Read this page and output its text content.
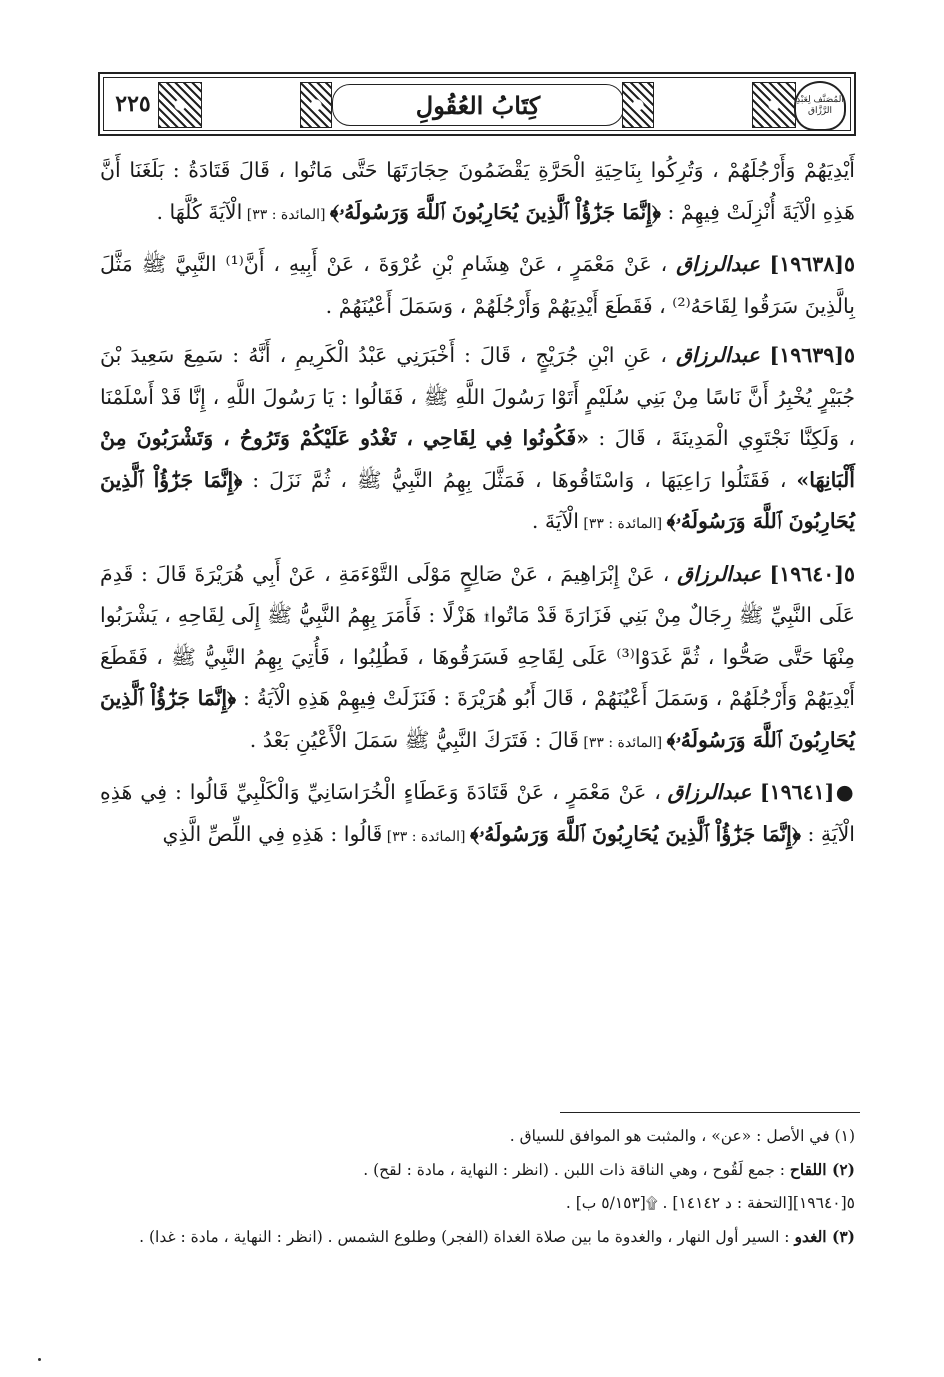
٢٢٥	كِتَابُ العُقُولِ	المُصَنَّف لِعَبْدِ الرَّزَّاق

أَيْدِيَهُمْ وَأَرْجُلَهُمْ ، وَتُرِكُوا بِنَاحِيَةِ الْحَرَّةِ يَقْضَمُونَ حِجَارَتَهَا حَتَّى مَاتُوا ، قَالَ قَتَادَةُ : بَلَغَنَا أَنَّ هَذِهِ الْآيَةَ أُنْزِلَتْ فِيهِمْ : ﴿إِنَّمَا جَزَٰٓؤُاْ ٱلَّذِينَ يُحَارِبُونَ ٱللَّهَ وَرَسُولَهُۥ﴾ [المائدة : ٣٣] الْآيَةَ كُلَّهَا .

٥[١٩٦٣٨] عبدالرزاق ، عَنْ مَعْمَرٍ ، عَنْ هِشَامِ بْنِ عُرْوَةَ ، عَنْ أَبِيهِ ، أَنَّ⁽¹⁾ النَّبِيَّ ﷺ مَثَّلَ بِالَّذِينَ سَرَقُوا لِقَاحَهُ⁽²⁾ ، فَقَطَعَ أَيْدِيَهُمْ وَأَرْجُلَهُمْ ، وَسَمَلَ أَعْيُنَهُمْ .

٥[١٩٦٣٩] عبدالرزاق ، عَنِ ابْنِ جُرَيْجٍ ، قَالَ : أَخْبَرَنِي عَبْدُ الْكَرِيمِ ، أَنَّهُ : سَمِعَ سَعِيدَ بْنَ جُبَيْرٍ يُخْبِرُ أَنَّ نَاسًا مِنْ بَنِي سُلَيْمٍ أَتَوْا رَسُولَ اللَّهِ ﷺ ، فَقَالُوا : يَا رَسُولَ اللَّهِ ، إِنَّا قَدْ أَسْلَمْنَا ، وَلَكِنَّا نَجْتَوِي الْمَدِينَةَ ، قَالَ : «فَكُونُوا فِي لِقَاحِي ، تَغْدُو عَلَيْكُمْ وَتَرُوحُ ، وَتَشْرَبُونَ مِنْ أَلْبَانِهَا» ، فَقَتَلُوا رَاعِيَهَا ، وَاسْتَاقُوهَا ، فَمَثَّلَ بِهِمُ النَّبِيُّ ﷺ ، ثُمَّ نَزَلَ : ﴿إِنَّمَا جَزَٰٓؤُاْ ٱلَّذِينَ يُحَارِبُونَ ٱللَّهَ وَرَسُولَهُۥ﴾ [المائدة : ٣٣] الْآيَةَ .

٥[١٩٦٤٠] عبدالرزاق ، عَنْ إِبْرَاهِيمَ ، عَنْ صَالِحٍ مَوْلَى التَّوْءَمَةِ ، عَنْ أَبِي هُرَيْرَةَ قَالَ : قَدِمَ عَلَى النَّبِيِّ ﷺ رِجَالٌ مِنْ بَنِي فَزَارَةَ قَدْ مَاتُوا۩ هَزْلًا : فَأَمَرَ بِهِمُ النَّبِيُّ ﷺ إِلَى لِقَاحِهِ ، يَشْرَبُوا مِنْهَا حَتَّى صَحُّوا ، ثُمَّ غَدَوْا⁽³⁾ عَلَى لِقَاحِهِ فَسَرَقُوهَا ، فَطُلِبُوا ، فَأُتِيَ بِهِمُ النَّبِيُّ ﷺ ، فَقَطَعَ أَيْدِيَهُمْ وَأَرْجُلَهُمْ ، وَسَمَلَ أَعْيُنَهُمْ ، قَالَ أَبُو هُرَيْرَةَ : فَنَزَلَتْ فِيهِمْ هَذِهِ الْآيَةُ : ﴿إِنَّمَا جَزَٰٓؤُاْ ٱلَّذِينَ يُحَارِبُونَ ٱللَّهَ وَرَسُولَهُۥ﴾ [المائدة : ٣٣] قَالَ : فَتَرَكَ النَّبِيُّ ﷺ سَمَلَ الْأَعْيُنِ بَعْدُ .

●[١٩٦٤١] عبدالرزاق ، عَنْ مَعْمَرٍ ، عَنْ قَتَادَةَ وَعَطَاءٍ الْخُرَاسَانِيِّ وَالْكَلْبِيِّ قَالُوا : فِي هَذِهِ الْآيَةِ : ﴿إِنَّمَا جَزَٰٓؤُاْ ٱلَّذِينَ يُحَارِبُونَ ٱللَّهَ وَرَسُولَهُۥ﴾ [المائدة : ٣٣] قَالُوا : هَذِهِ فِي اللِّصِّ الَّذِي

(١) في الأصل : «عن» ، والمثبت هو الموافق للسياق .

(٢) اللقاح : جمع لَقُوح ، وهي الناقة ذات اللبن . (انظر : النهاية ، مادة : لقح) .

٥[١٩٦٤٠][التحفة : د ١٤١٤٢] . ۩[٥/١٥٣ ب] .

(٣) الغدو : السير أول النهار ، والغدوة ما بين صلاة الغداة (الفجر) وطلوع الشمس . (انظر : النهاية ، مادة : غدا) .
